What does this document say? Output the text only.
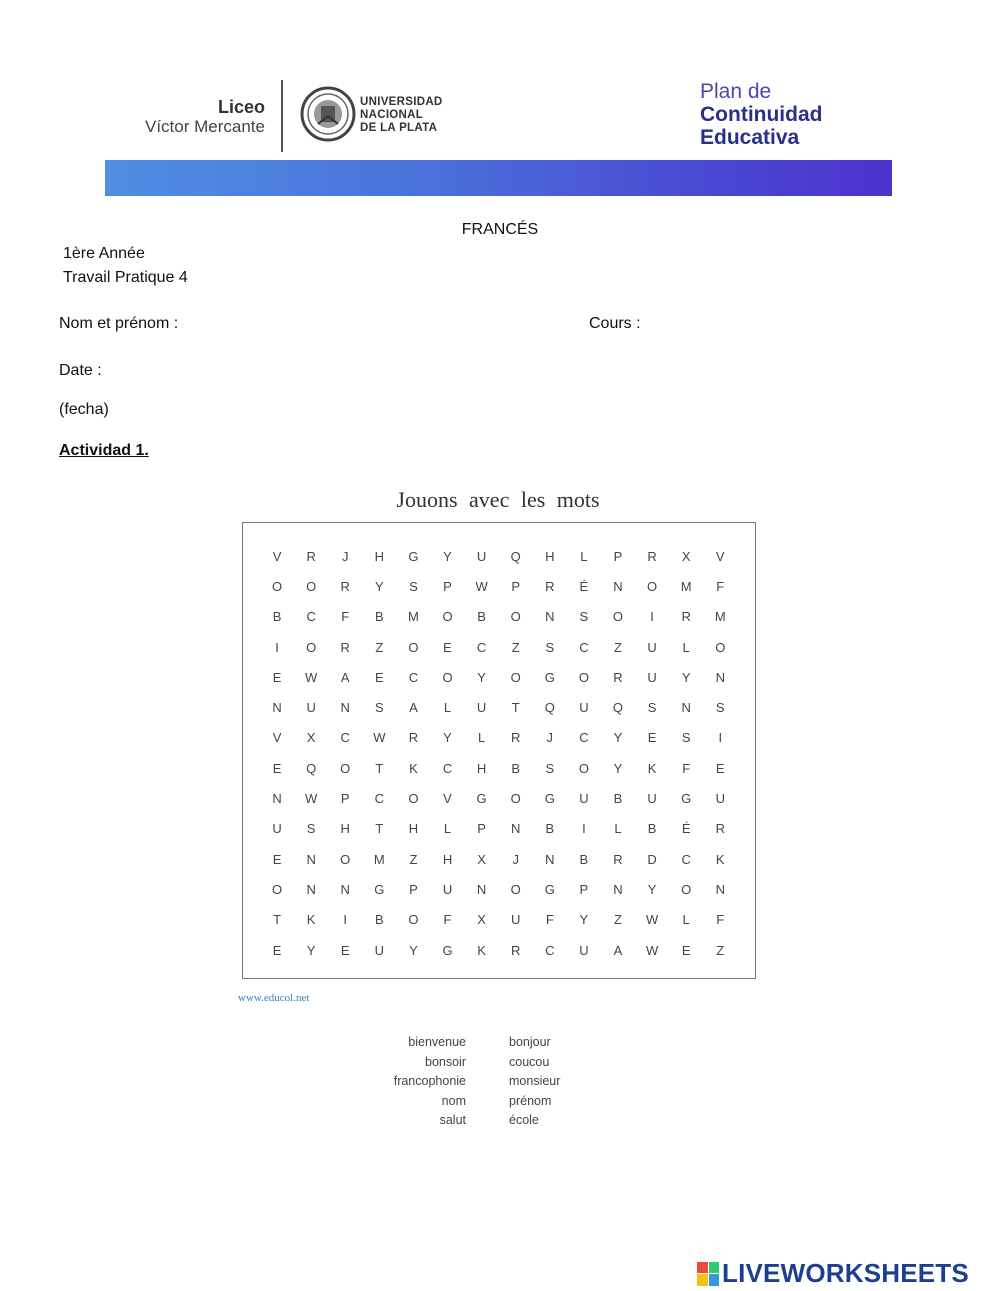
Liceo
Víctor Mercante
UNIVERSIDAD
NACIONAL
DE LA PLATA
Plan de
Continuidad
Educativa
FRANCÉS
1ère Année
Travail Pratique 4
Nom et prénom :	Cours :
Date :
(fecha)
Actividad 1.
Jouons avec les mots
V	R	J	H	G	Y	U	Q	H	L	P	R	X	V
O	O	R	Y	S	P	W	P	R	É	N	O	M	F
B	C	F	B	M	O	B	O	N	S	O	I	R	M
I	O	R	Z	O	E	C	Z	S	C	Z	U	L	O
E	W	A	E	C	O	Y	O	G	O	R	U	Y	N
N	U	N	S	A	L	U	T	Q	U	Q	S	N	S
V	X	C	W	R	Y	L	R	J	C	Y	E	S	I
E	Q	O	T	K	C	H	B	S	O	Y	K	F	E
N	W	P	C	O	V	G	O	G	U	B	U	G	U
U	S	H	T	H	L	P	N	B	I	L	B	É	R
E	N	O	M	Z	H	X	J	N	B	R	D	C	K
O	N	N	G	P	U	N	O	G	P	N	Y	O	N
T	K	I	B	O	F	X	U	F	Y	Z	W	L	F
E	Y	E	U	Y	G	K	R	C	U	A	W	E	Z
www.educol.net
bienvenue
bonsoir
francophonie
nom
salut
bonjour
coucou
monsieur
prénom
école
LIVEWORKSHEETS
